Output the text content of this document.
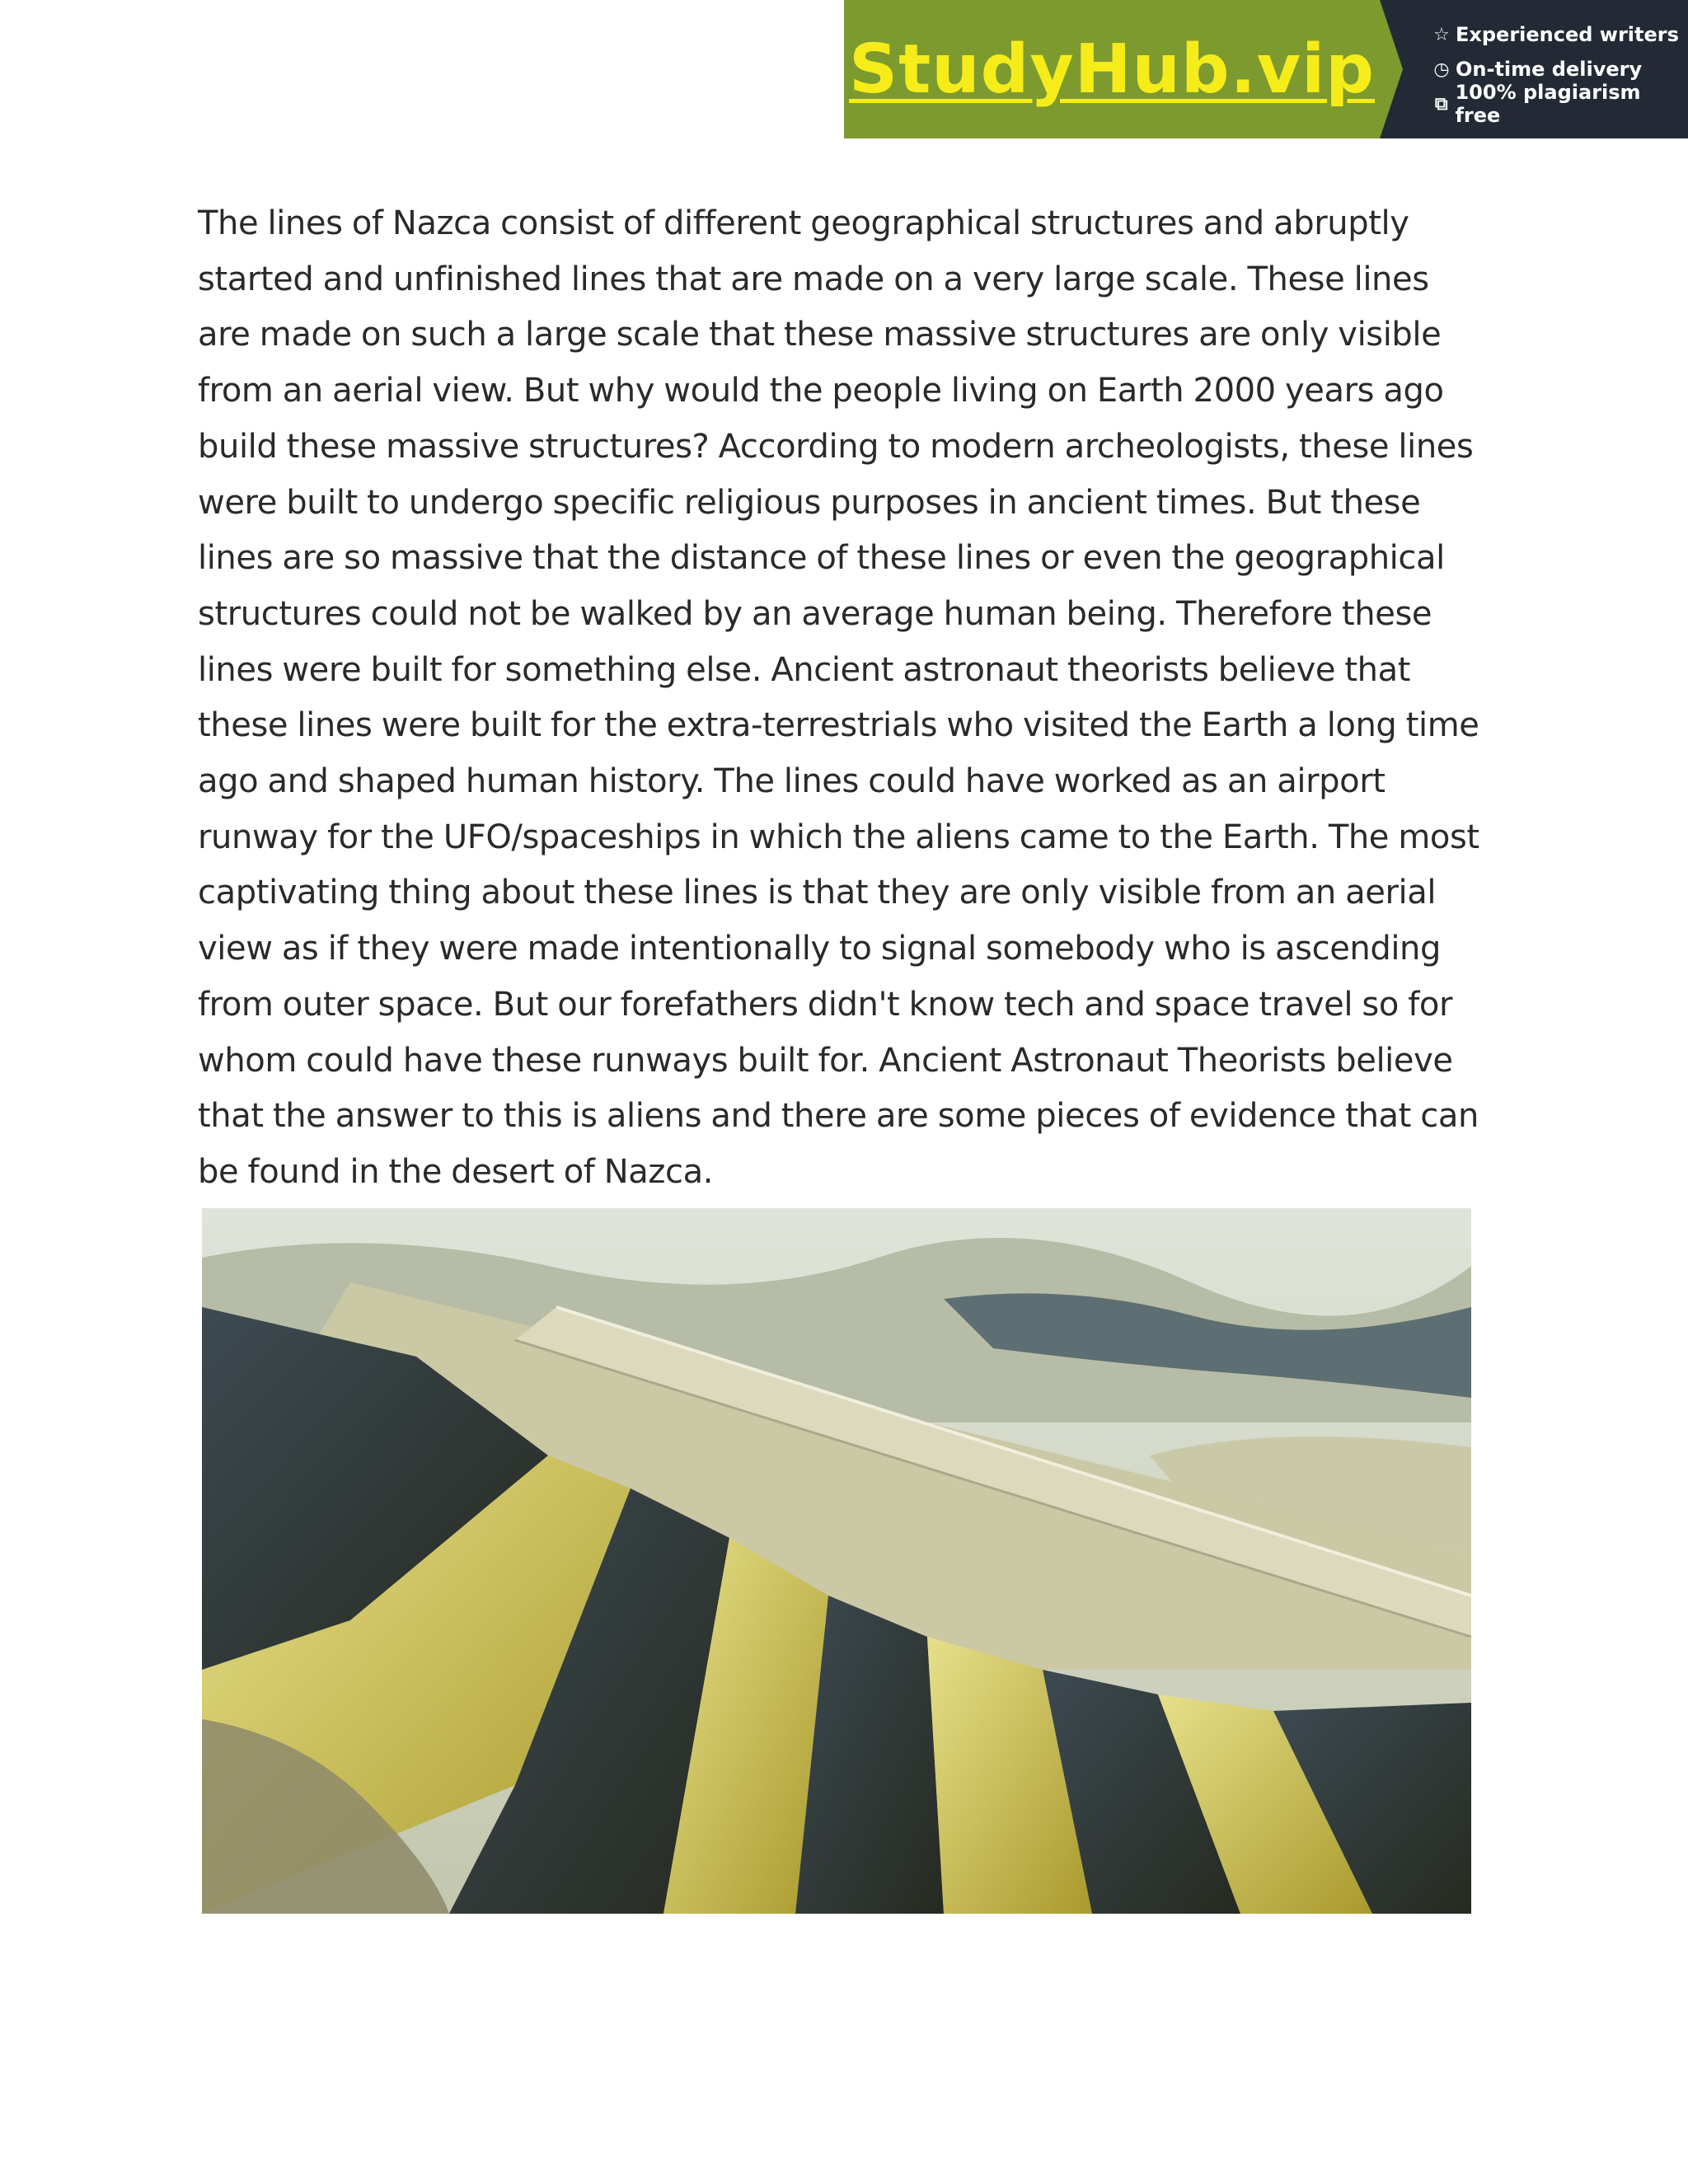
StudyHub.vip	☆ Experienced writers
◷ On-time delivery
⧉ 100% plagiarism free

The lines of Nazca consist of different geographical structures and abruptly started and unfinished lines that are made on a very large scale. These lines are made on such a large scale that these massive structures are only visible from an aerial view. But why would the people living on Earth 2000 years ago build these massive structures? According to modern archeologists, these lines were built to undergo specific religious purposes in ancient times. But these lines are so massive that the distance of these lines or even the geographical structures could not be walked by an average human being. Therefore these lines were built for something else. Ancient astronaut theorists believe that these lines were built for the extra-terrestrials who visited the Earth a long time ago and shaped human history. The lines could have worked as an airport runway for the UFO/spaceships in which the aliens came to the Earth. The most captivating thing about these lines is that they are only visible from an aerial view as if they were made intentionally to signal somebody who is ascending from outer space. But our forefathers didn't know tech and space travel so for whom could have these runways built for. Ancient Astronaut Theorists believe that the answer to this is aliens and there are some pieces of evidence that can be found in the desert of Nazca.
